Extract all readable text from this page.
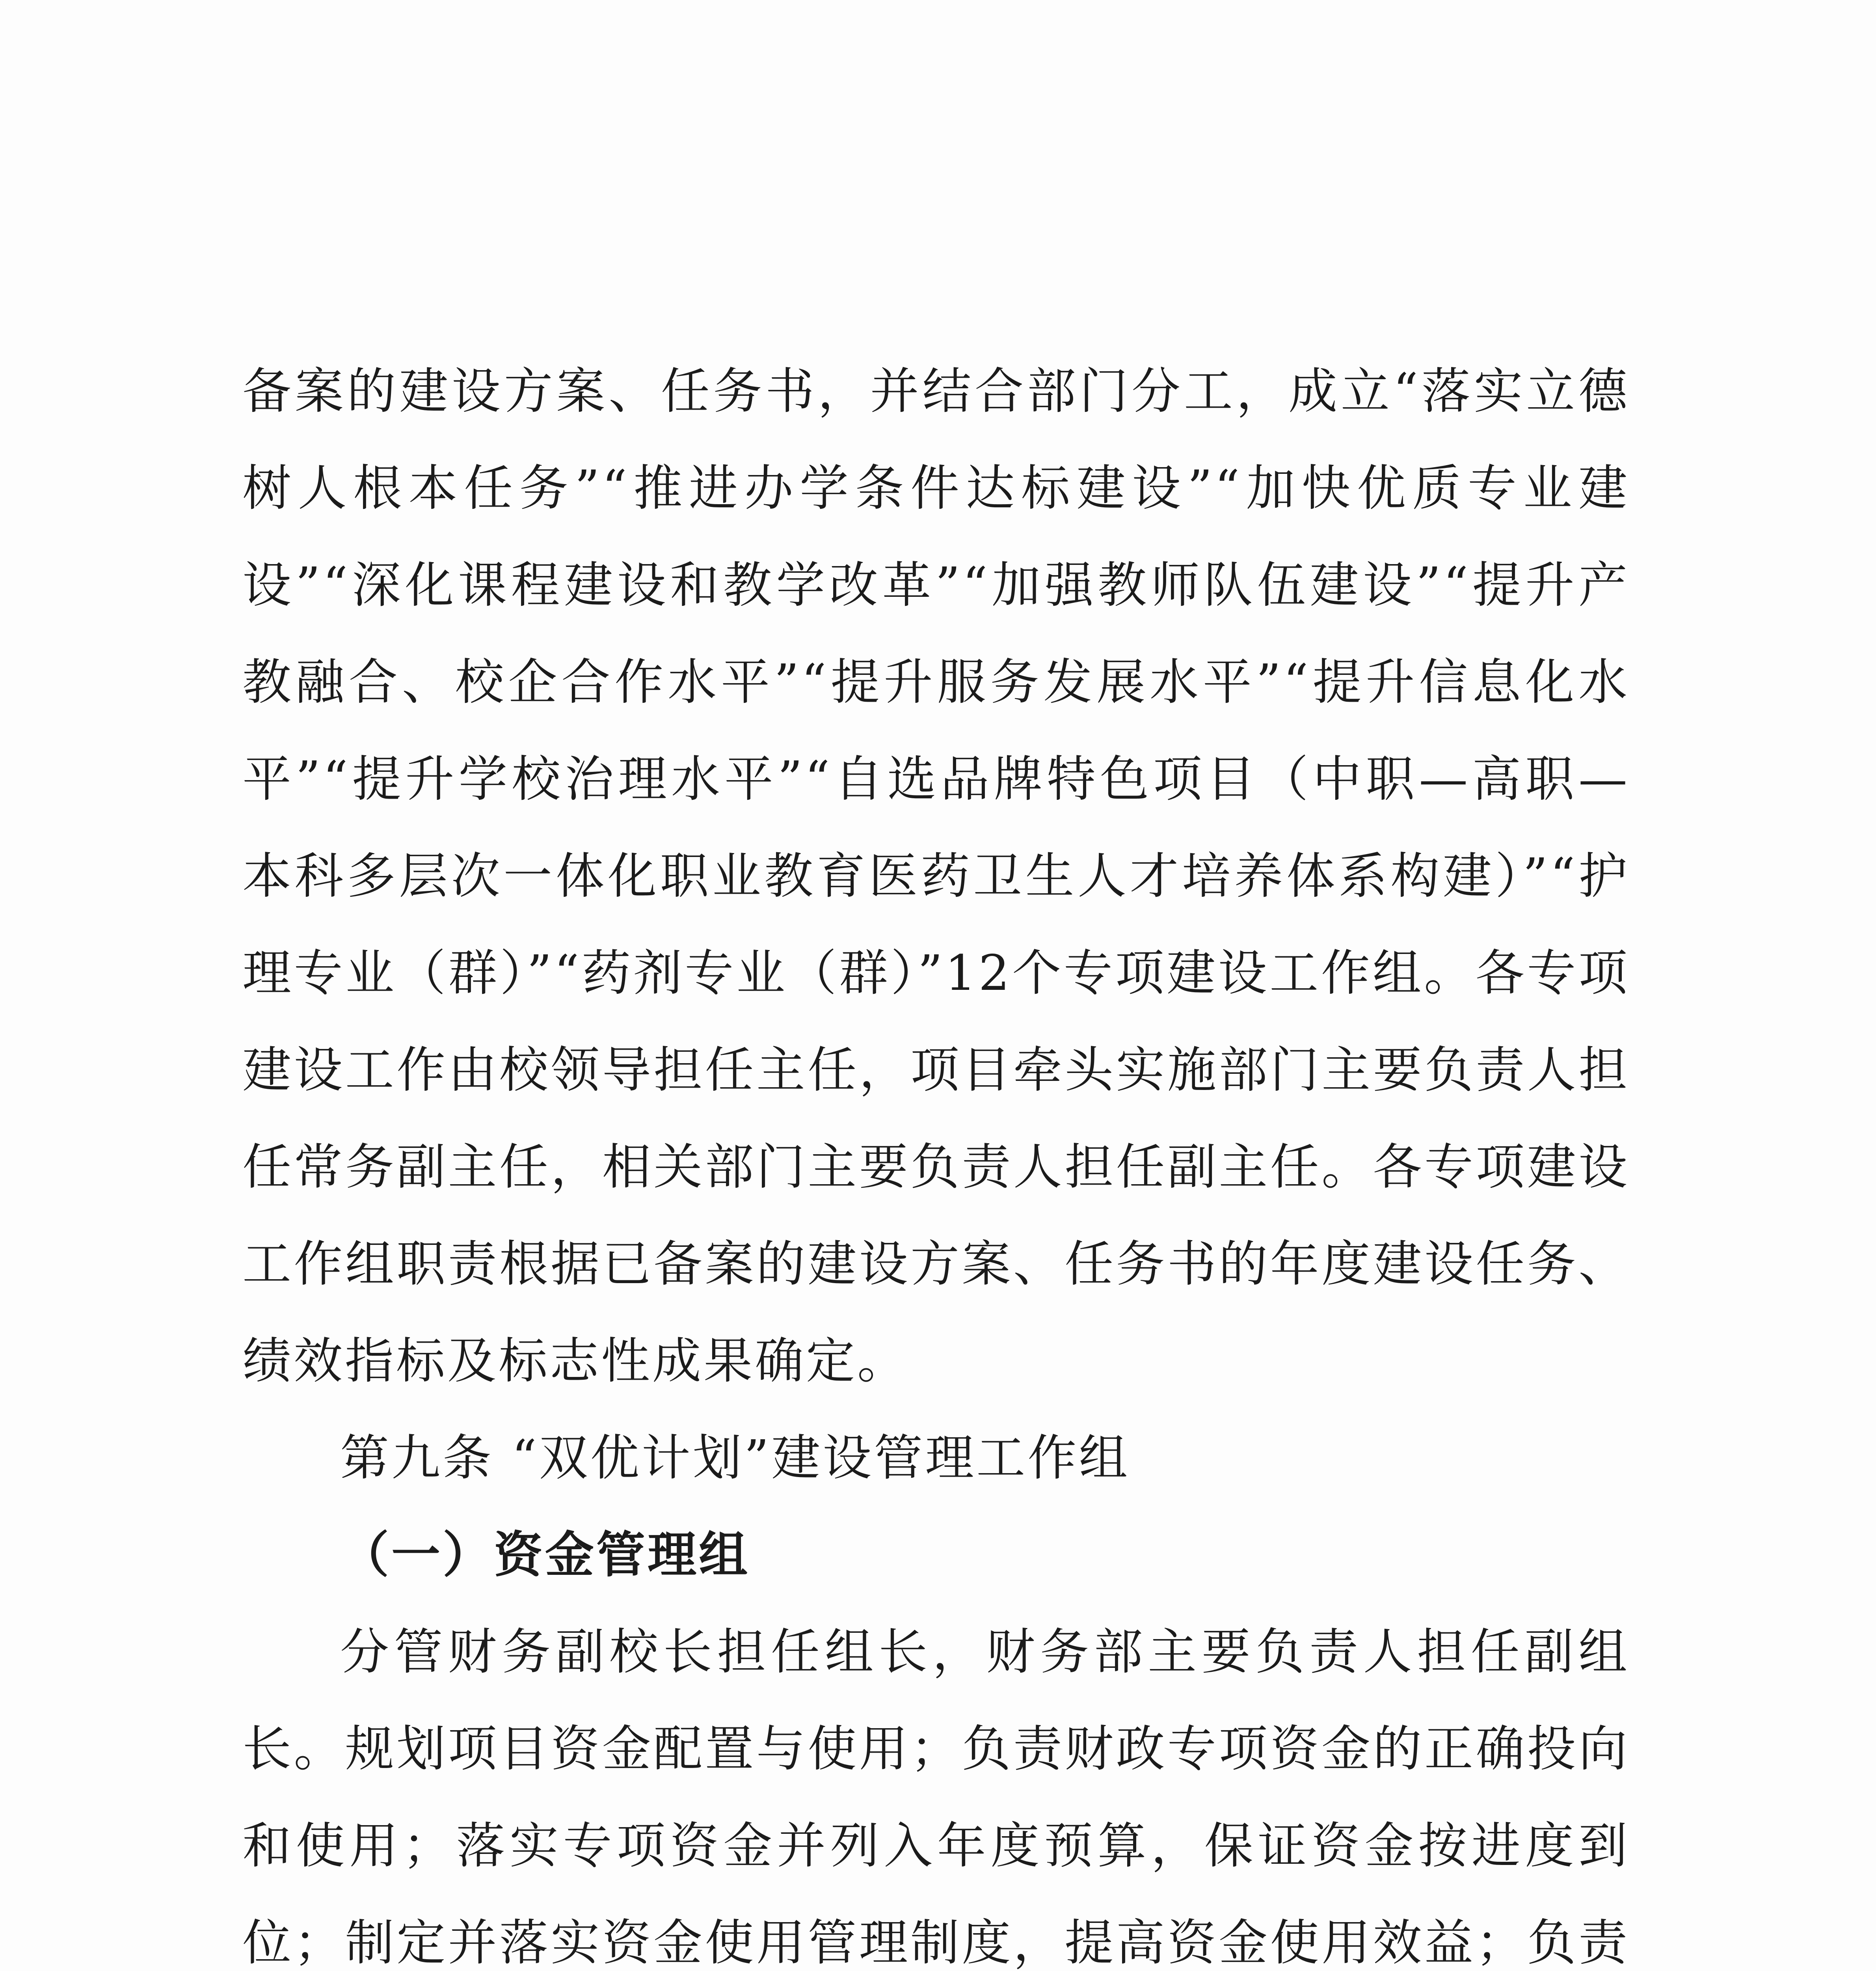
备案的建设方案、任务书，并结合部门分工，成立“落实立德树人根本任务”“推进办学条件达标建设”“加快优质专业建设”“深化课程建设和教学改革”“加强教师队伍建设”“提升产教融合、校企合作水平”“提升服务发展水平”“提升信息化水平”“提升学校治理水平”“自选品牌特色项目（中职—高职—本科多层次一体化职业教育医药卫生人才培养体系构建）”“护理专业（群）”“药剂专业（群）”12个专项建设工作组。各专项建设工作由校领导担任主任，项目牵头实施部门主要负责人担任常务副主任，相关部门主要负责人担任副主任。各专项建设工作组职责根据已备案的建设方案、任务书的年度建设任务、绩效指标及标志性成果确定。

第九条 “双优计划”建设管理工作组

（一）资金管理组

分管财务副校长担任组长，财务部主要负责人担任副组长。规划项目资金配置与使用；负责财政专项资金的正确投向和使用；落实专项资金并列入年度预算，保证资金按进度到位；制定并落实资金使用管理制度，提高资金使用效益；负责
